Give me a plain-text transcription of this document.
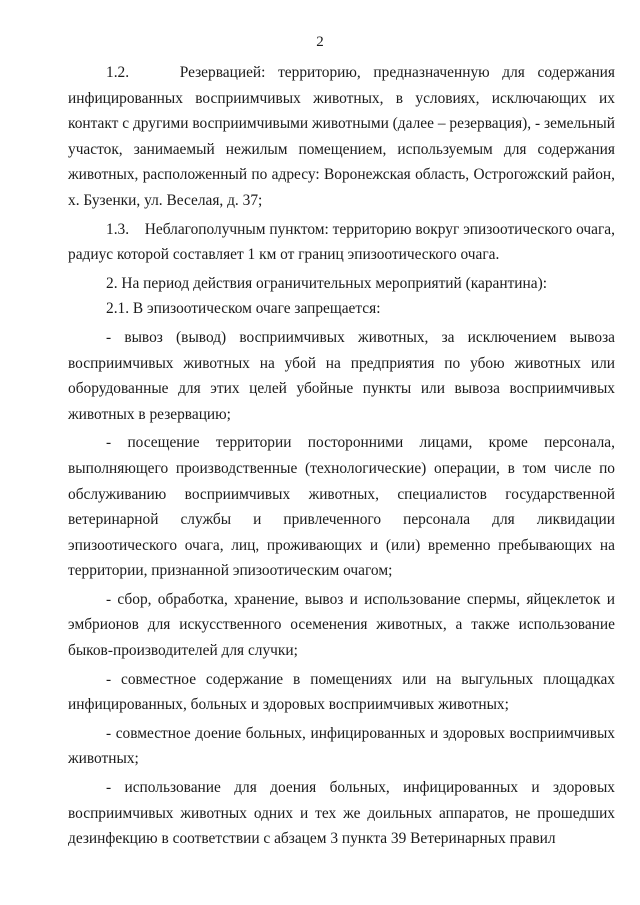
2

1.2.    Резервацией: территорию, предназначенную для содержания инфицированных восприимчивых животных, в условиях, исключающих их контакт с другими восприимчивыми животными (далее – резервация), - земельный участок, занимаемый нежилым помещением, используемым для содержания животных, расположенный по адресу: Воронежская область, Острогожский район, х. Бузенки, ул. Веселая, д. 37;

1.3.    Неблагополучным пунктом: территорию вокруг эпизоотического очага, радиус которой составляет 1 км от границ эпизоотического очага.

2. На период действия ограничительных мероприятий (карантина):

2.1. В эпизоотическом очаге запрещается:

- вывоз (вывод) восприимчивых животных, за исключением вывоза восприимчивых животных на убой на предприятия по убою животных или оборудованные для этих целей убойные пункты или вывоза восприимчивых животных в резервацию;

- посещение территории посторонними лицами, кроме персонала, выполняющего производственные (технологические) операции, в том числе по обслуживанию восприимчивых животных, специалистов государственной ветеринарной службы и привлеченного персонала для ликвидации эпизоотического очага, лиц, проживающих и (или) временно пребывающих на территории, признанной эпизоотическим очагом;

- сбор, обработка, хранение, вывоз и использование спермы, яйцеклеток и эмбрионов для искусственного осеменения животных, а также использование быков-производителей для случки;

- совместное содержание в помещениях или на выгульных площадках инфицированных, больных и здоровых восприимчивых животных;

- совместное доение больных, инфицированных и здоровых восприимчивых животных;

- использование для доения больных, инфицированных и здоровых восприимчивых животных одних и тех же доильных аппаратов, не прошедших дезинфекцию в соответствии с абзацем 3 пункта 39 Ветеринарных правил
